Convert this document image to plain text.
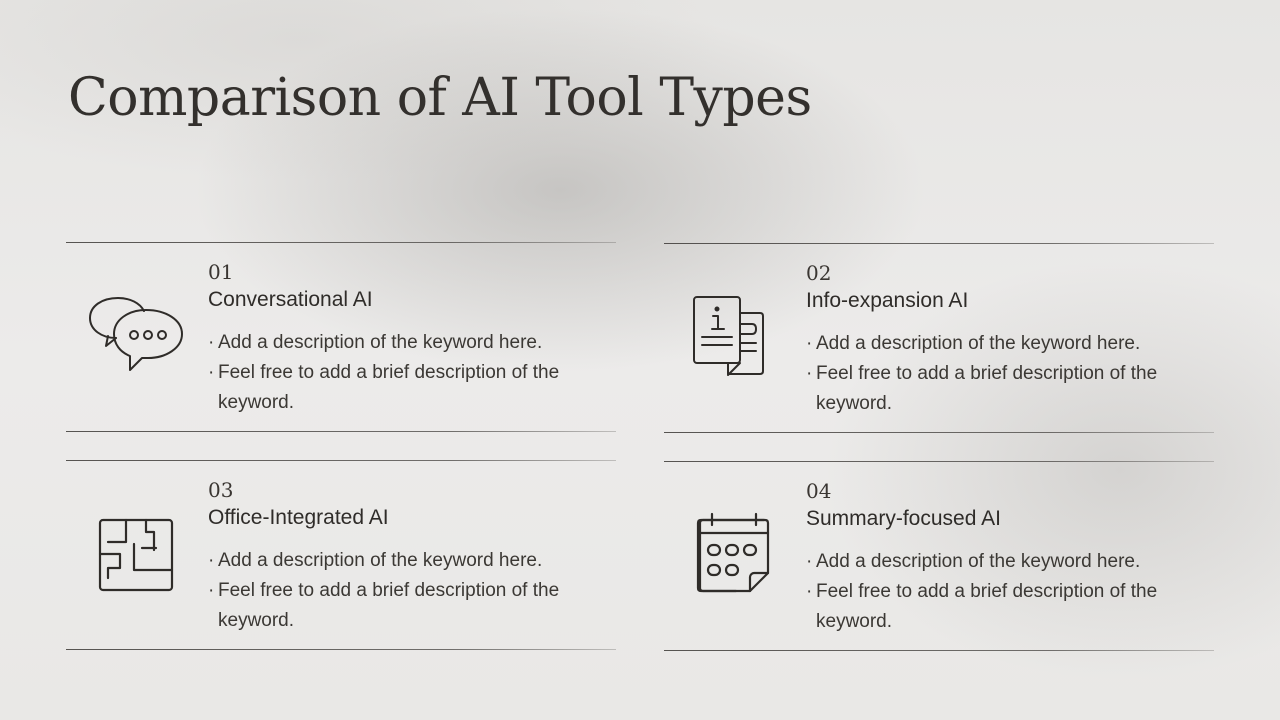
Comparison of AI Tool Types
01
Conversational AI
· Add a description of the keyword here.
· Feel free to add a brief description of the keyword.
02
Info-expansion AI
· Add a description of the keyword here.
· Feel free to add a brief description of the keyword.
03
Office-Integrated AI
· Add a description of the keyword here.
· Feel free to add a brief description of the keyword.
04
Summary-focused AI
· Add a description of the keyword here.
· Feel free to add a brief description of the keyword.
